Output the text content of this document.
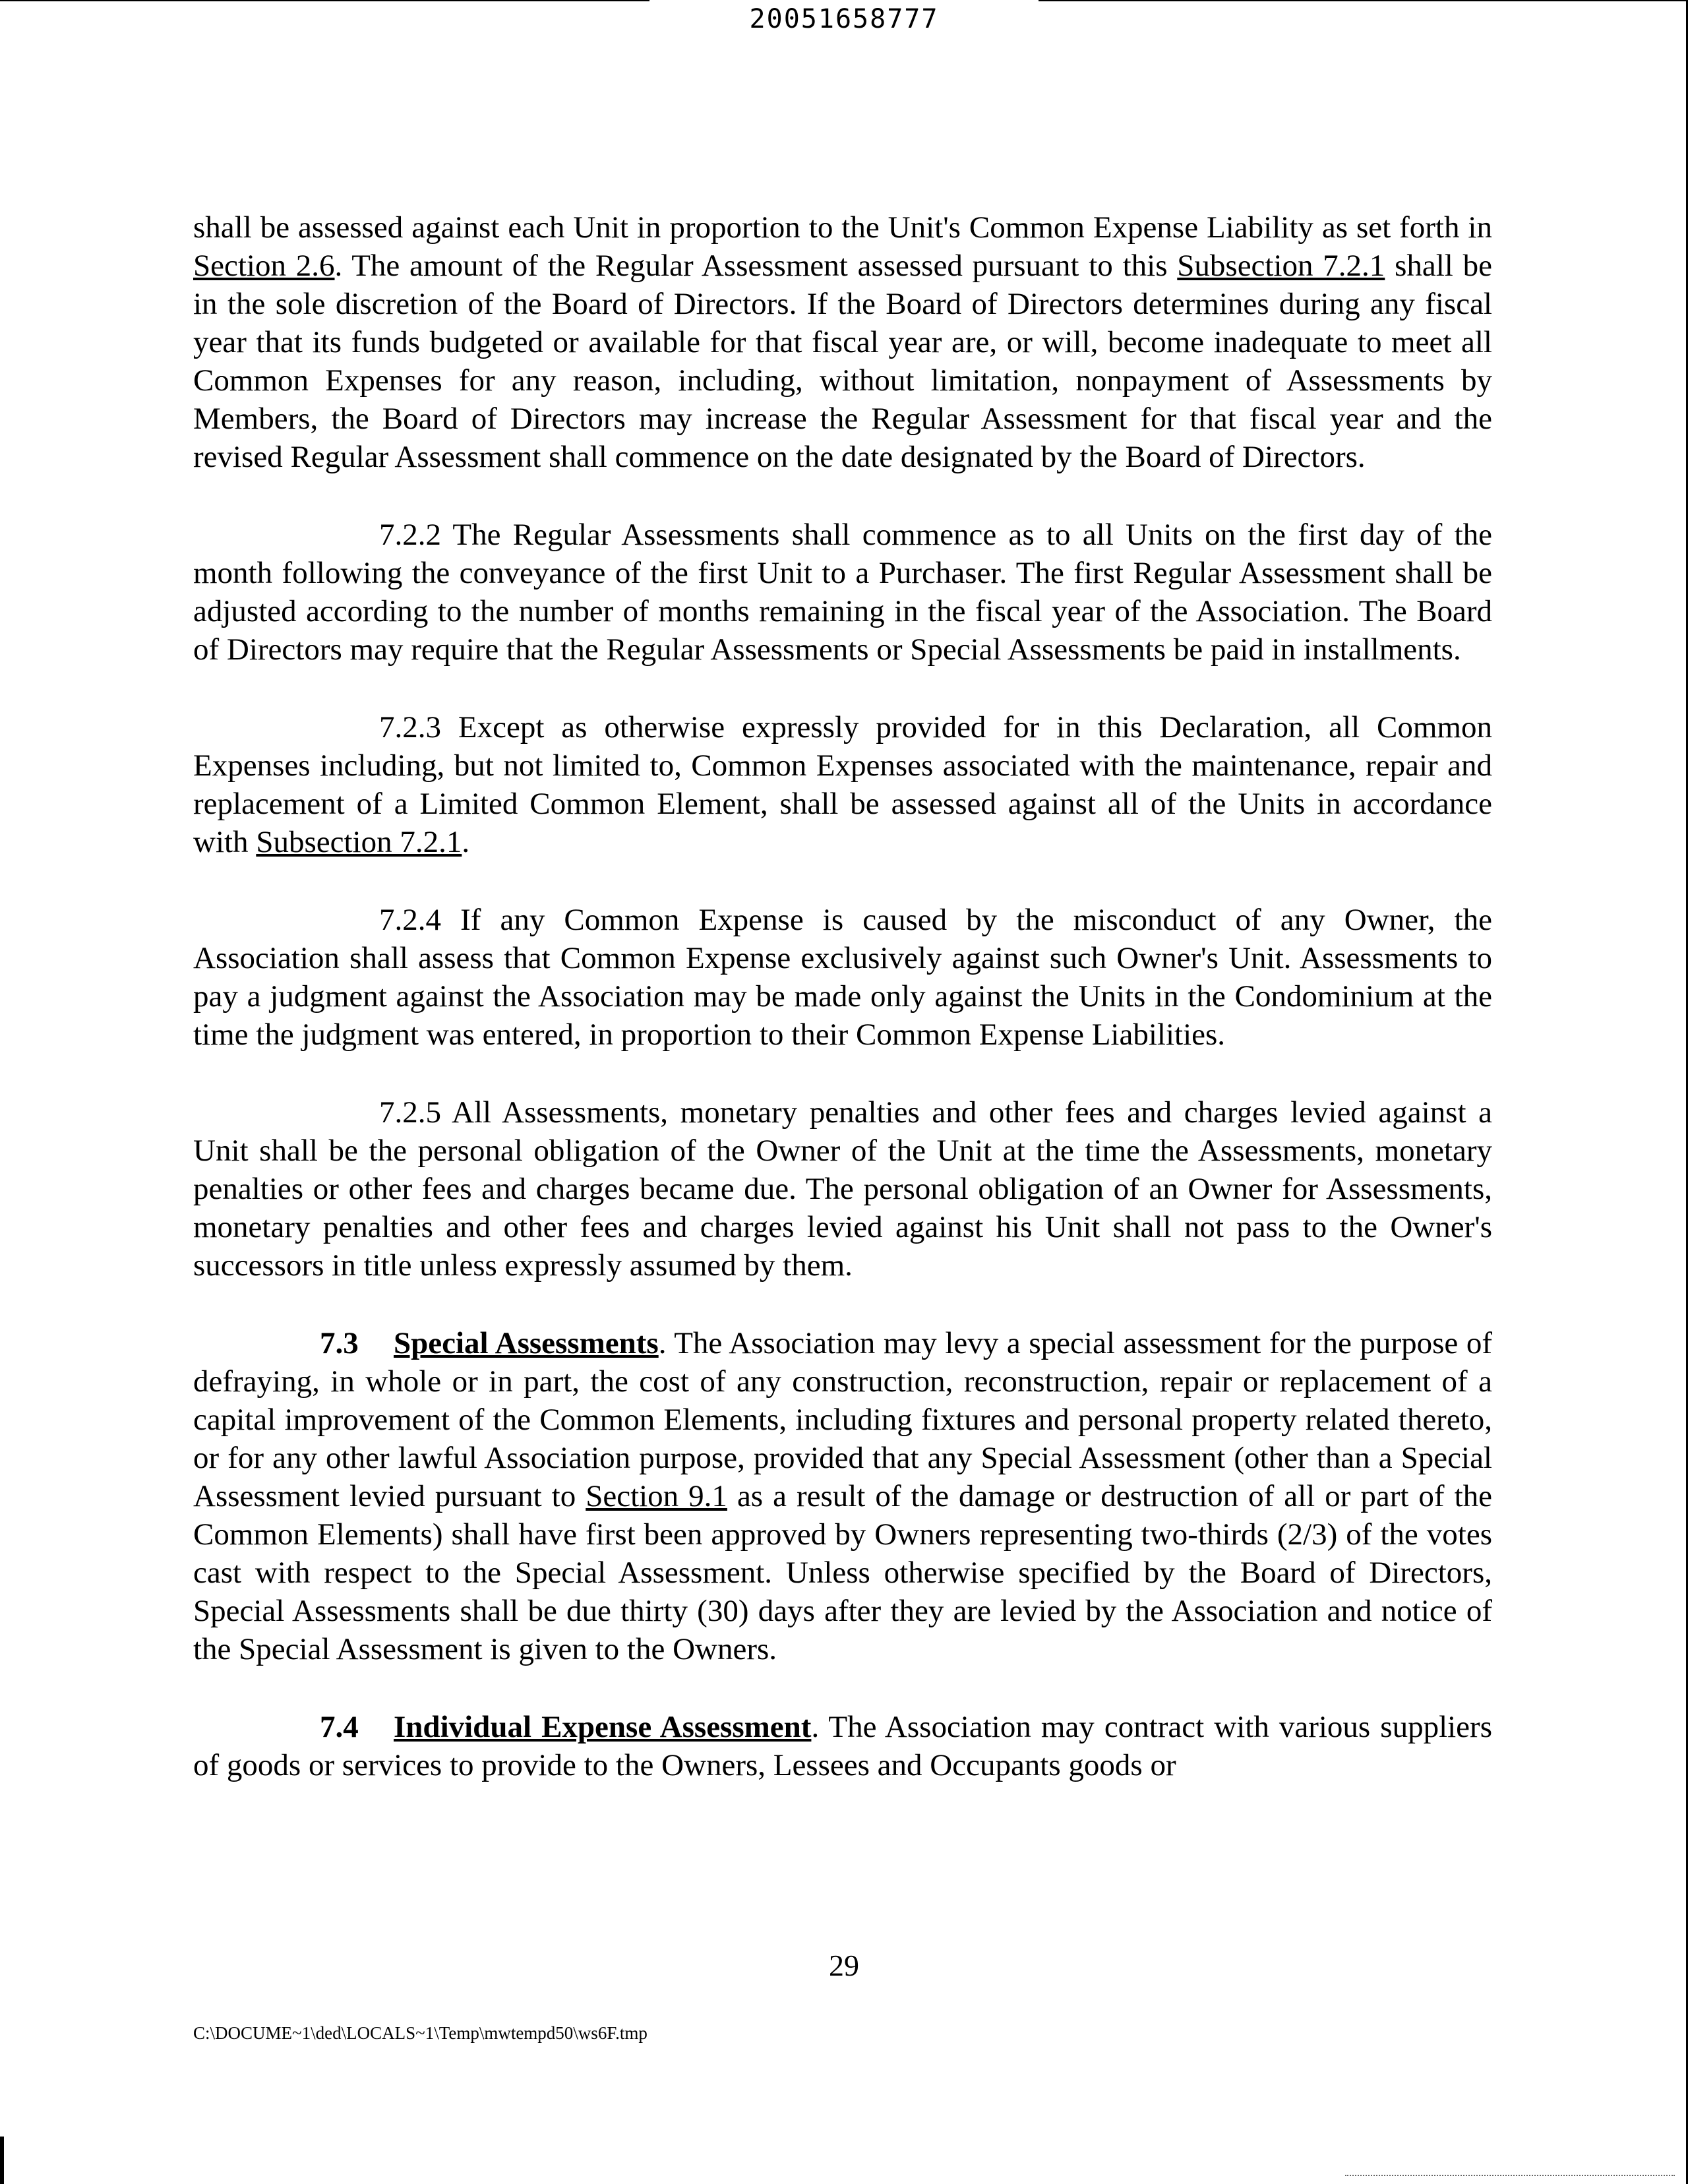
20051658777

shall be assessed against each Unit in proportion to the Unit's Common Expense Liability as set forth in Section 2.6. The amount of the Regular Assessment assessed pursuant to this Subsection 7.2.1 shall be in the sole discretion of the Board of Directors. If the Board of Directors determines during any fiscal year that its funds budgeted or available for that fiscal year are, or will, become inadequate to meet all Common Expenses for any reason, including, without limitation, nonpayment of Assessments by Members, the Board of Directors may increase the Regular Assessment for that fiscal year and the revised Regular Assessment shall commence on the date designated by the Board of Directors.

7.2.2 The Regular Assessments shall commence as to all Units on the first day of the month following the conveyance of the first Unit to a Purchaser. The first Regular Assessment shall be adjusted according to the number of months remaining in the fiscal year of the Association. The Board of Directors may require that the Regular Assessments or Special Assessments be paid in installments.

7.2.3 Except as otherwise expressly provided for in this Declaration, all Common Expenses including, but not limited to, Common Expenses associated with the maintenance, repair and replacement of a Limited Common Element, shall be assessed against all of the Units in accordance with Subsection 7.2.1.

7.2.4 If any Common Expense is caused by the misconduct of any Owner, the Association shall assess that Common Expense exclusively against such Owner's Unit. Assessments to pay a judgment against the Association may be made only against the Units in the Condominium at the time the judgment was entered, in proportion to their Common Expense Liabilities.

7.2.5 All Assessments, monetary penalties and other fees and charges levied against a Unit shall be the personal obligation of the Owner of the Unit at the time the Assessments, monetary penalties or other fees and charges became due. The personal obligation of an Owner for Assessments, monetary penalties and other fees and charges levied against his Unit shall not pass to the Owner's successors in title unless expressly assumed by them.

7.3 Special Assessments. The Association may levy a special assessment for the purpose of defraying, in whole or in part, the cost of any construction, reconstruction, repair or replacement of a capital improvement of the Common Elements, including fixtures and personal property related thereto, or for any other lawful Association purpose, provided that any Special Assessment (other than a Special Assessment levied pursuant to Section 9.1 as a result of the damage or destruction of all or part of the Common Elements) shall have first been approved by Owners representing two-thirds (2/3) of the votes cast with respect to the Special Assessment. Unless otherwise specified by the Board of Directors, Special Assessments shall be due thirty (30) days after they are levied by the Association and notice of the Special Assessment is given to the Owners.

7.4 Individual Expense Assessment. The Association may contract with various suppliers of goods or services to provide to the Owners, Lessees and Occupants goods or

29
C:\DOCUME~1\ded\LOCALS~1\Temp\mwtempd50\ws6F.tmp
